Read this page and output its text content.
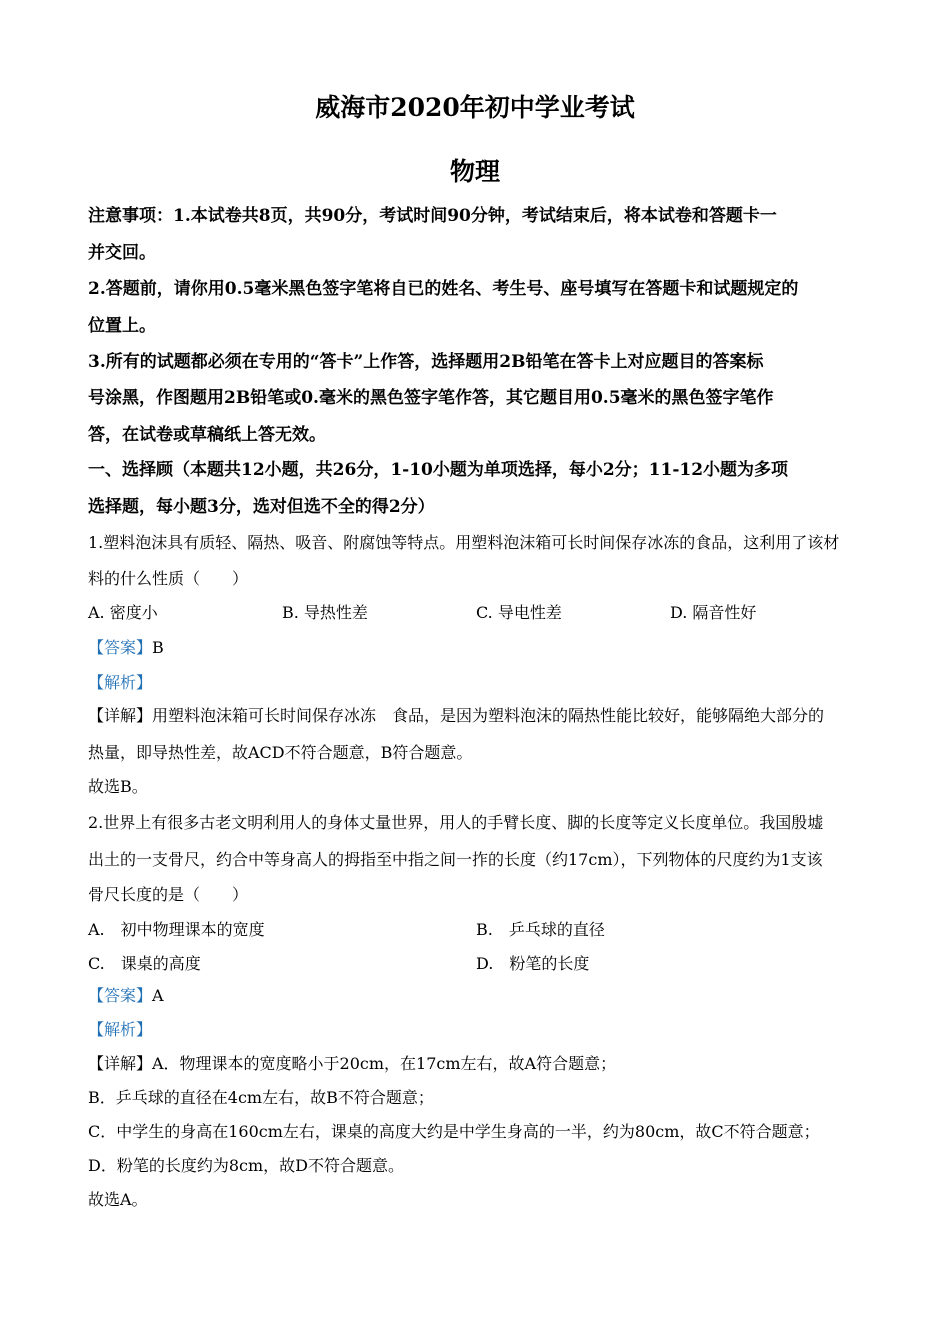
威海市2020年初中学业考试
物理
注意事项：1.本试卷共8页，共90分，考试时间90分钟，考试结束后，将本试卷和答题卡一
并交回。
2.答题前，请你用0.5毫米黑色签字笔将自已的姓名、考生号、座号填写在答题卡和试题规定的
位置上。
3.所有的试题都必须在专用的“答卡”上作答，选择题用2B铅笔在答卡上对应题目的答案标
号涂黑，作图题用2B铅笔或0.毫米的黑色签字笔作答，其它题目用0.5毫米的黑色签字笔作
答，在试卷或草稿纸上答无效。
一、选择顾（本题共12小题，共26分，1-10小题为单项选择，每小2分；11-12小题为多项
选择题，每小题3分，选对但选不全的得2分）
1.塑料泡沫具有质轻、隔热、吸音、附腐蚀等特点。用塑料泡沫箱可长时间保存冰冻的食品，这利用了该材
料的什么性质（　　）
A. 密度小	B. 导热性差	C. 导电性差	D. 隔音性好
【答案】B
【解析】
【详解】用塑料泡沫箱可长时间保存冰冻　食品，是因为塑料泡沫的隔热性能比较好，能够隔绝大部分的
热量，即导热性差，故ACD不符合题意，B符合题意。
故选B。
2.世界上有很多古老文明利用人的身体丈量世界，用人的手臂长度、脚的长度等定义长度单位。我国殷墟
出土的一支骨尺，约合中等身高人的拇指至中指之间一拃的长度（约17cm），下列物体的尺度约为1支该
骨尺长度的是（　　）
A.　初中物理课本的宽度	B.　乒乓球的直径
C.　课桌的高度	D.　粉笔的长度
【答案】A
【解析】
【详解】A．物理课本的宽度略小于20cm，在17cm左右，故A符合题意；
B．乒乓球的直径在4cm左右，故B不符合题意；
C．中学生的身高在160cm左右，课桌的高度大约是中学生身高的一半，约为80cm，故C不符合题意；
D．粉笔的长度约为8cm，故D不符合题意。
故选A。
